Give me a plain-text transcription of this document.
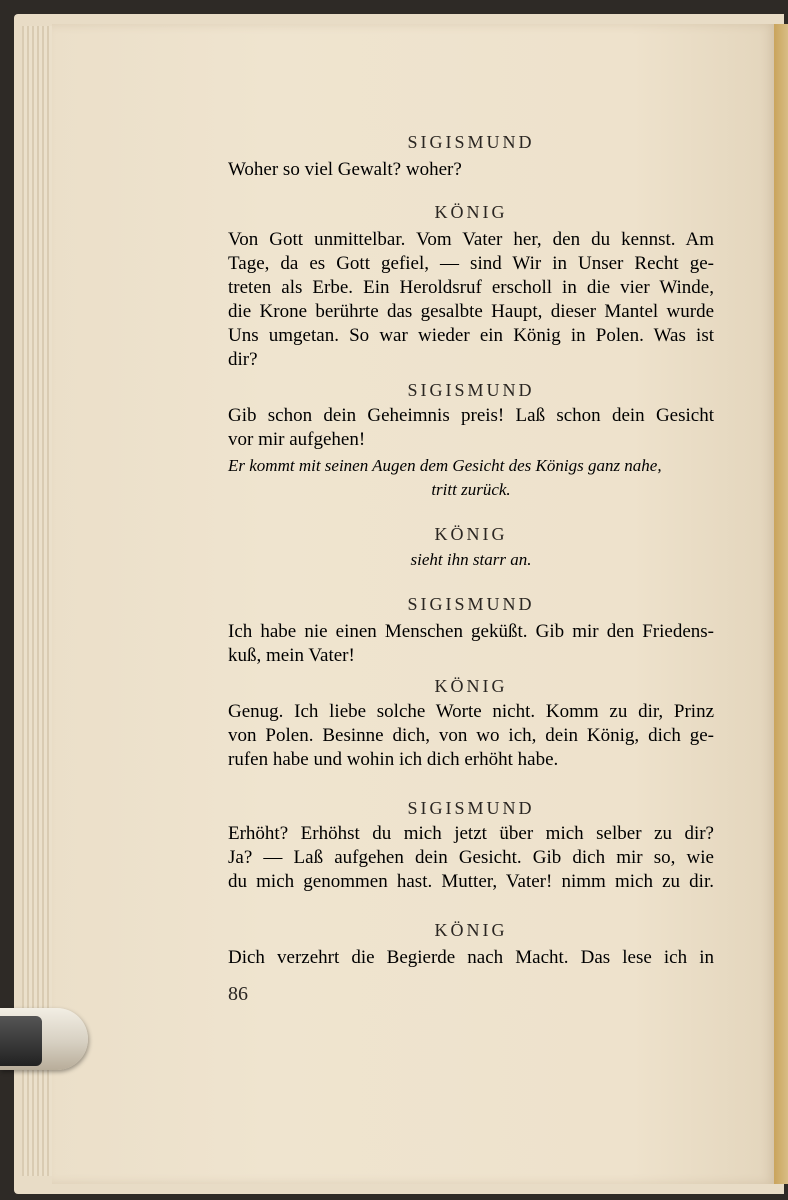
SIGISMUND
Woher so viel Gewalt? woher?
KÖNIG
Von Gott unmittelbar. Vom Vater her, den du kennst. Am
Tage, da es Gott gefiel, — sind Wir in Unser Recht ge-
treten als Erbe. Ein Heroldsruf erscholl in die vier Winde,
die Krone berührte das gesalbte Haupt, dieser Mantel wurde
Uns umgetan. So war wieder ein König in Polen. Was ist
dir?
SIGISMUND
Gib schon dein Geheimnis preis! Laß schon dein Gesicht
vor mir aufgehen!
Er kommt mit seinen Augen dem Gesicht des Königs ganz nahe,
tritt zurück.
KÖNIG
sieht ihn starr an.
SIGISMUND
Ich habe nie einen Menschen geküßt. Gib mir den Friedens-
kuß, mein Vater!
KÖNIG
Genug. Ich liebe solche Worte nicht. Komm zu dir, Prinz
von Polen. Besinne dich, von wo ich, dein König, dich ge-
rufen habe und wohin ich dich erhöht habe.
SIGISMUND
Erhöht? Erhöhst du mich jetzt über mich selber zu dir?
Ja? — Laß aufgehen dein Gesicht. Gib dich mir so, wie
du mich genommen hast. Mutter, Vater! nimm mich zu dir.
KÖNIG
Dich verzehrt die Begierde nach Macht. Das lese ich in
86
